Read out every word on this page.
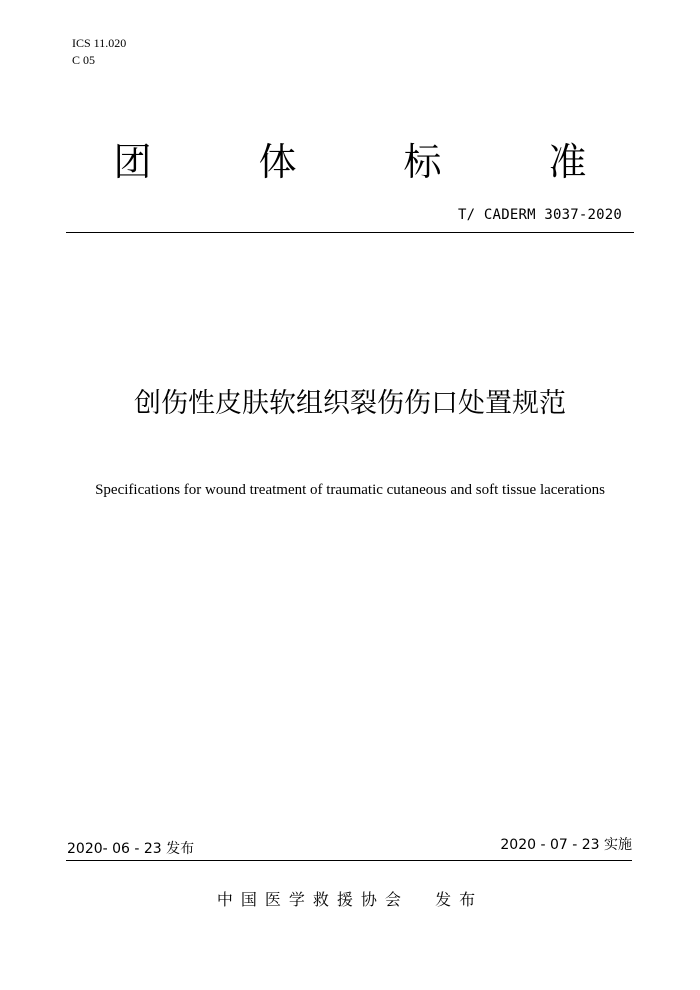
ICS 11.020
C 05
团	体	标	准
T/ CADERM 3037-2020
创伤性皮肤软组织裂伤伤口处置规范
Specifications for wound treatment of traumatic cutaneous and soft tissue lacerations
2020- 06 - 23 发布	2020 - 07 - 23 实施
中国医学救援协会  发布
